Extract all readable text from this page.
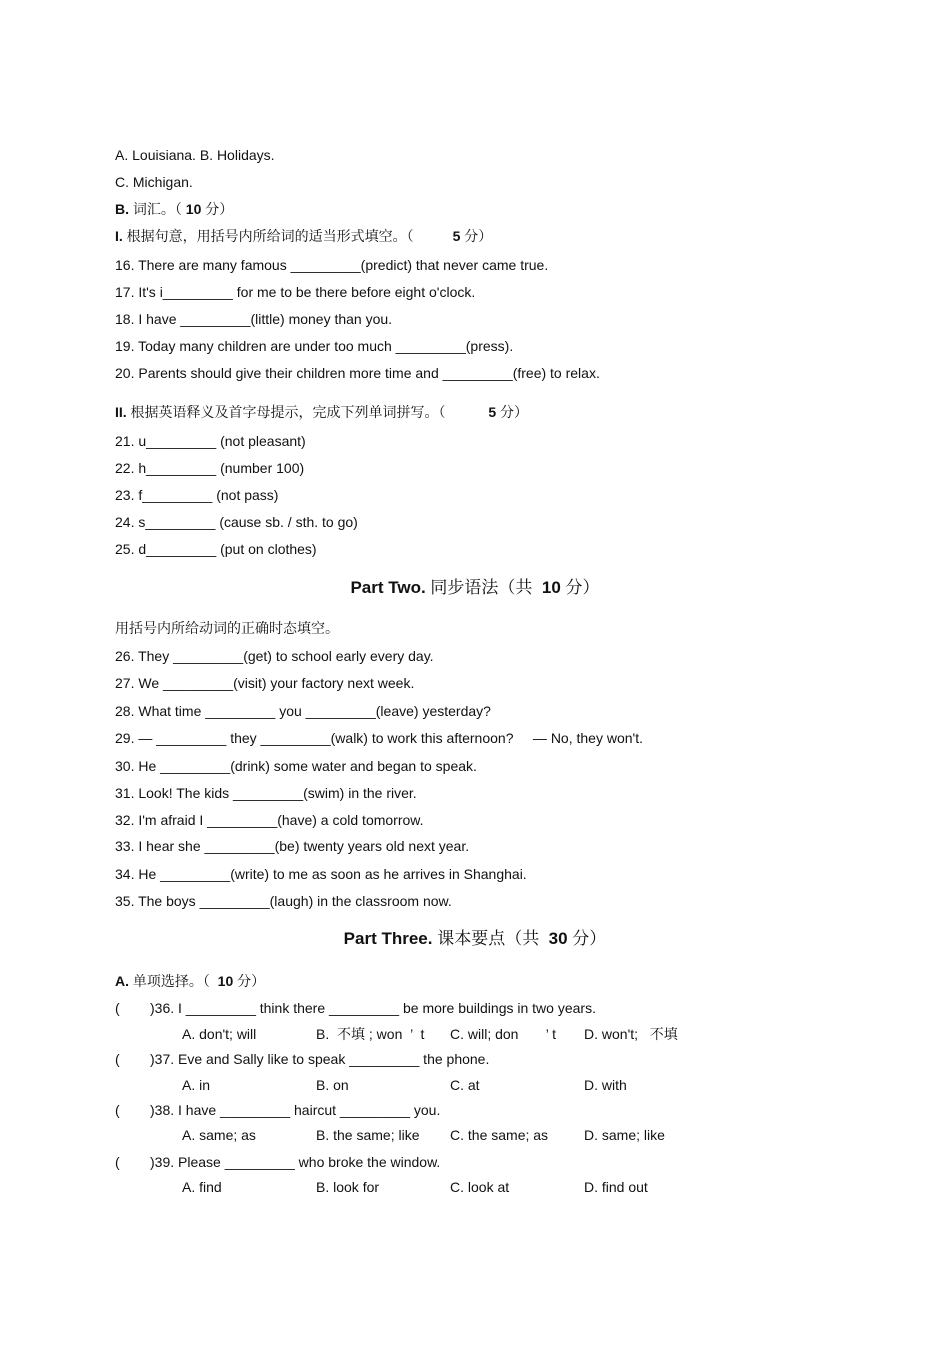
A. Louisiana. B. Holidays.
C. Michigan.
B. 词汇。（ 10 分）
I. 根据句意，用括号内所给词的适当形式填空。（          5 分）
16. There are many famous _________(predict) that never came true.
17. It's i_________ for me to be there before eight o'clock.
18. I have _________(little) money than you.
19. Today many children are under too much _________(press).
20. Parents should give their children more time and _________(free) to relax.
II. 根据英语释义及首字母提示，完成下列单词拼写。（           5 分）
21. u_________ (not pleasant)
22. h_________ (number 100)
23. f_________ (not pass)
24. s_________ (cause sb. / sth. to go)
25. d_________ (put on clothes)
Part Two. 同步语法（共  10 分）
用括号内所给动词的正确时态填空。
26. They _________(get) to school early every day.
27. We _________(visit) your factory next week.
28. What time _________ you _________(leave) yesterday?
29. — _________ they _________(walk) to work this afternoon?     — No, they won't.
30. He _________(drink) some water and began to speak.
31. Look! The kids _________(swim) in the river.
32. I'm afraid I _________(have) a cold tomorrow.
33. I hear she _________(be) twenty years old next year.
34. He _________(write) to me as soon as he arrives in Shanghai.
35. The boys _________(laugh) in the classroom now.
Part Three. 课本要点（共  30 分）
A. 单项选择。（  10 分）
( )36. I _________ think there _________ be more buildings in two years.
A. don't; will	B.  不填 ; won  ’  t C. will; don       ’ t D. won't;   不填
( )37. Eve and Sally like to speak _________ the phone.
A. in	B. on	C. at	D. with
( )38. I have _________ haircut _________ you.
A. same; as	B. the same; like C. the same; as	D. same; like
( )39. Please _________ who broke the window.
A. find	B. look for	C. look at	D. find out
